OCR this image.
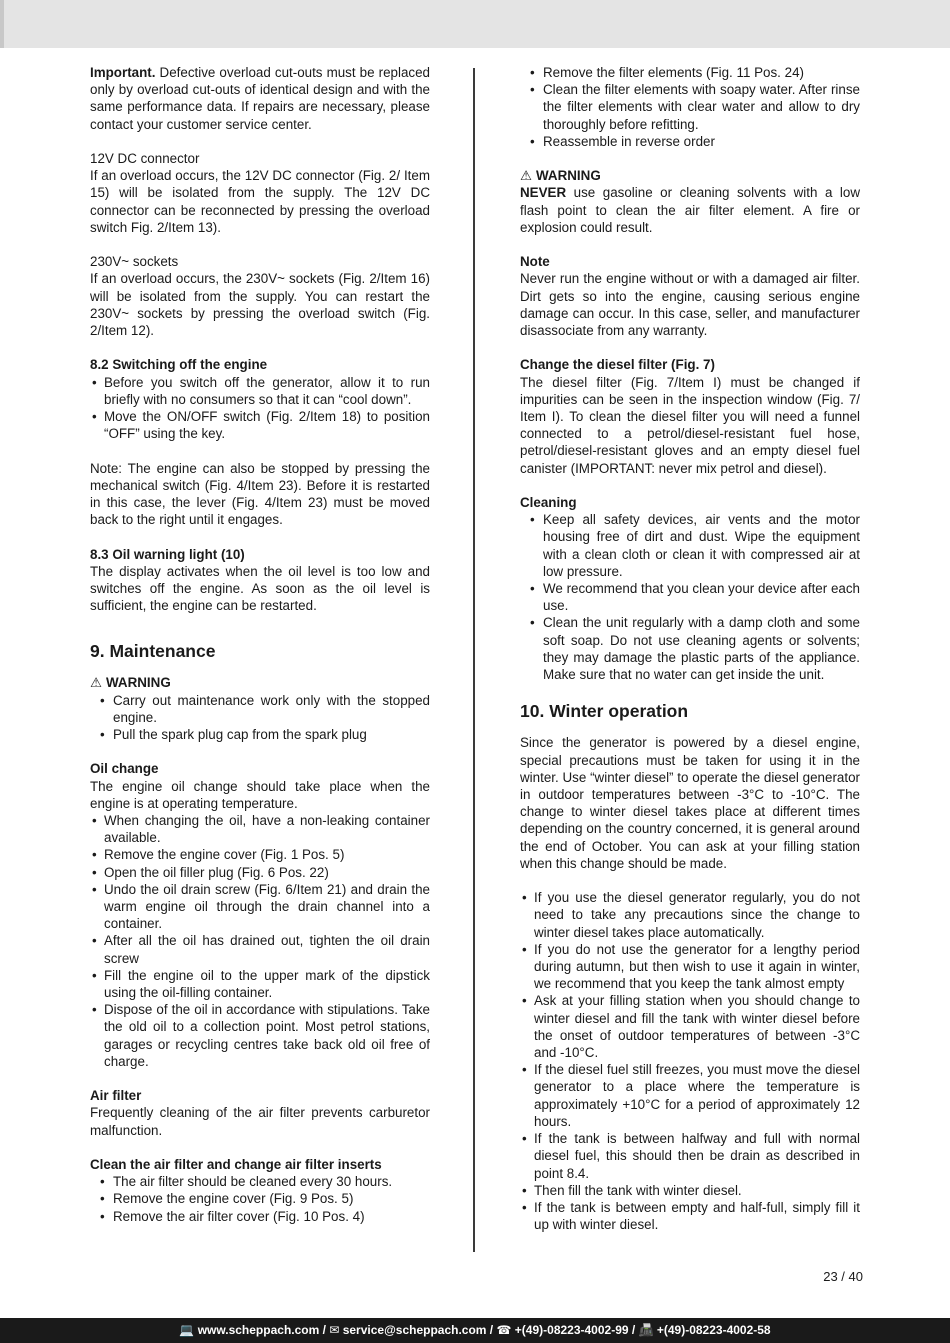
Important. Defective overload cut-outs must be replaced only by overload cut-outs of identical design and with the same performance data. If repairs are necessary, please contact your customer service center.

12V DC connector

If an overload occurs, the 12V DC connector (Fig. 2/ Item 15) will be isolated from the supply. The 12V DC connector can be reconnected by pressing the overload switch Fig. 2/Item 13).

230V~ sockets

If an overload occurs, the 230V~ sockets (Fig. 2/Item 16) will be isolated from the supply. You can restart the 230V~ sockets by pressing the overload switch (Fig. 2/Item 12).

8.2 Switching off the engine

• Before you switch off the generator, allow it to run briefly with no consumers so that it can “cool down”.
• Move the ON/OFF switch (Fig. 2/Item 18) to position “OFF” using the key.

Note: The engine can also be stopped by pressing the mechanical switch (Fig. 4/Item 23). Before it is restarted in this case, the lever (Fig. 4/Item 23) must be moved back to the right until it engages.

8.3 Oil warning light (10)

The display activates when the oil level is too low and switches off the engine. As soon as the oil level is sufficient, the engine can be restarted.

9. Maintenance

⚠ WARNING

• Carry out maintenance work only with the stopped engine.
• Pull the spark plug cap from the spark plug

Oil change

The engine oil change should take place when the engine is at operating temperature.

• When changing the oil, have a non-leaking container available.
• Remove the engine cover (Fig. 1 Pos. 5)
• Open the oil filler plug (Fig. 6 Pos. 22)
• Undo the oil drain screw (Fig. 6/Item 21) and drain the warm engine oil through the drain channel into a container.
• After all the oil has drained out, tighten the oil drain screw
• Fill the engine oil to the upper mark of the dipstick using the oil-filling container.
• Dispose of the oil in accordance with stipulations. Take the old oil to a collection point. Most petrol stations, garages or recycling centres take back old oil free of charge.

Air filter

Frequently cleaning of the air filter prevents carburetor malfunction.

Clean the air filter and change air filter inserts

• The air filter should be cleaned every 30 hours.
• Remove the engine cover (Fig. 9 Pos. 5)
• Remove the air filter cover (Fig. 10 Pos. 4)
• Remove the filter elements (Fig. 11 Pos. 24)
• Clean the filter elements with soapy water. After rinse the filter elements with clear water and allow to dry thoroughly before refitting.
• Reassemble in reverse order

⚠ WARNING

NEVER use gasoline or cleaning solvents with a low flash point to clean the air filter element. A fire or explosion could result.

Note

Never run the engine without or with a damaged air filter. Dirt gets so into the engine, causing serious engine damage can occur. In this case, seller, and manufacturer disassociate from any warranty.

Change the diesel filter (Fig. 7)

The diesel filter (Fig. 7/Item I) must be changed if impurities can be seen in the inspection window (Fig. 7/ Item I). To clean the diesel filter you will need a funnel connected to a petrol/diesel-resistant fuel hose, petrol/diesel-resistant gloves and an empty diesel fuel canister (IMPORTANT: never mix petrol and diesel).

Cleaning

• Keep all safety devices, air vents and the motor housing free of dirt and dust. Wipe the equipment with a clean cloth or clean it with compressed air at low pressure.
• We recommend that you clean your device after each use.
• Clean the unit regularly with a damp cloth and some soft soap. Do not use cleaning agents or solvents; they may damage the plastic parts of the appliance. Make sure that no water can get inside the unit.
10. Winter operation

Since the generator is powered by a diesel engine, special precautions must be taken for using it in the winter. Use “winter diesel” to operate the diesel generator in outdoor temperatures between -3°C to -10°C. The change to winter diesel takes place at different times depending on the country concerned, it is general around the end of October. You can ask at your filling station when this change should be made.

• If you use the diesel generator regularly, you do not need to take any precautions since the change to winter diesel takes place automatically.
• If you do not use the generator for a lengthy period during autumn, but then wish to use it again in winter, we recommend that you keep the tank almost empty
• Ask at your filling station when you should change to winter diesel and fill the tank with winter diesel before the onset of outdoor temperatures of between -3°C and -10°C.
• If the diesel fuel still freezes, you must move the diesel generator to a place where the temperature is approximately +10°C for a period of approximately 12 hours.
• If the tank is between halfway and full with normal diesel fuel, this should then be drain as described in point 8.4.
• Then fill the tank with winter diesel.
• If the tank is between empty and half-full, simply fill it up with winter diesel.
23 / 40
💻 www.scheppach.com / ✉ service@scheppach.com / ☎ +(49)-08223-4002-99 / 📠 +(49)-08223-4002-58
